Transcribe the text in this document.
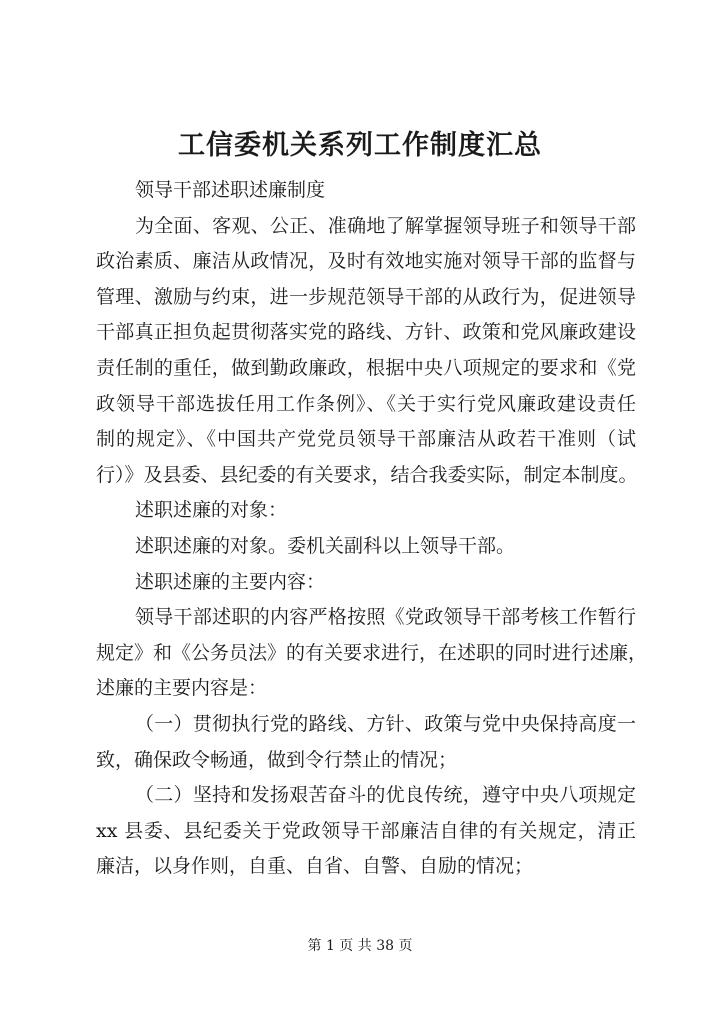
工信委机关系列工作制度汇总
领导干部述职述廉制度
为全面、客观、公正、准确地了解掌握领导班子和领导干部
政治素质、廉洁从政情况，及时有效地实施对领导干部的监督与
管理、激励与约束，进一步规范领导干部的从政行为，促进领导
干部真正担负起贯彻落实党的路线、方针、政策和党风廉政建设
责任制的重任，做到勤政廉政，根据中央八项规定的要求和《党
政领导干部选拔任用工作条例》、《关于实行党风廉政建设责任
制的规定》、《中国共产党党员领导干部廉洁从政若干准则（试
行）》及县委、县纪委的有关要求，结合我委实际，制定本制度。
述职述廉的对象：
述职述廉的对象。委机关副科以上领导干部。
述职述廉的主要内容：
领导干部述职的内容严格按照《党政领导干部考核工作暂行
规定》和《公务员法》的有关要求进行，在述职的同时进行述廉，
述廉的主要内容是：
（一）贯彻执行党的路线、方针、政策与党中央保持高度一
致，确保政令畅通，做到令行禁止的情况；
（二）坚持和发扬艰苦奋斗的优良传统，遵守中央八项规定
xx 县委、县纪委关于党政领导干部廉洁自律的有关规定，清正
廉洁，以身作则，自重、自省、自警、自励的情况；
第 1 页 共 38 页
